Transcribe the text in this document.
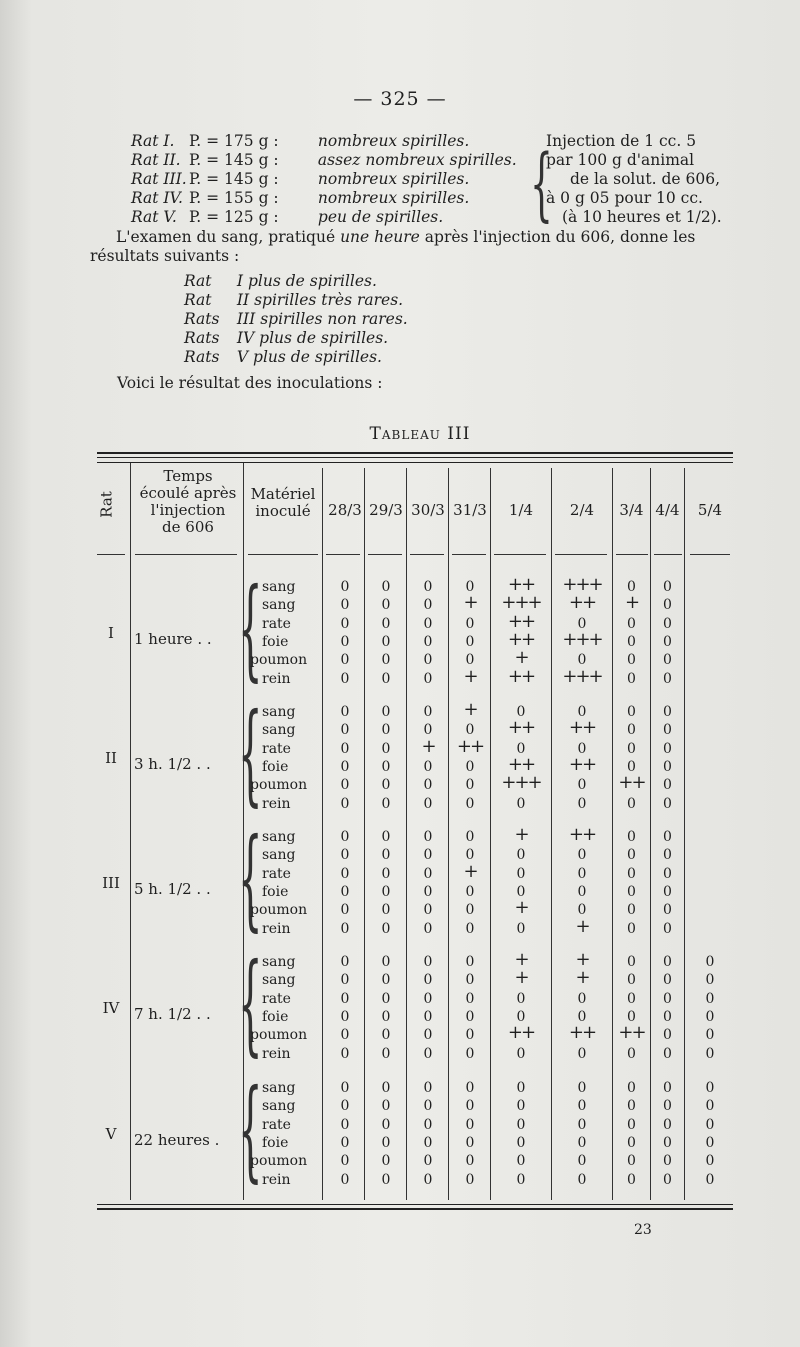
— 325 —
Rat I. P. = 175 g : nombreux spirilles.
Rat II. P. = 145 g : assez nombreux spirilles.
Rat III. P. = 145 g : nombreux spirilles.
Rat IV. P. = 155 g : nombreux spirilles.
Rat V. P. = 125 g : peu de spirilles.	{
Injection de 1 cc. 5
par 100 g d'animal
de la solut. de 606,
à 0 g 05 pour 10 cc.
(à 10 heures et 1/2).
L'examen du sang, pratiqué une heure après l'injection du 606, donne les
résultats suivants :
Rat I plus de spirilles.
Rat II spirilles très rares.
Rats III spirilles non rares.
Rats IV plus de spirilles.
Rats V plus de spirilles.
Voici le résultat des inoculations :
Tableau III
Rat
Temps
écoulé après
l'injection
de 606
Matériel
inoculé	28/3 29/3 30/3 31/3	1/4	2/4	3/4 4/4	5/4
I	1 heure . . { sang	0	0	0	0	++	+++	0	0
sang	0	0	0	+	+++	++	+	0
rate	0	0	0	0	++	0	0	0
foie	0	0	0	0	++	+++	0	0
poumon	0	0	0	0	+	0	0	0
rein	0	0	0	+	++	+++	0	0
II	3 h. 1/2 . . { sang	0	0	0	+	0	0	0	0
sang	0	0	0	0	++	++	0	0
rate	0	0	+	++	0	0	0	0
foie	0	0	0	0	++	++	0	0
poumon	0	0	0	0	+++	0	++	0
rein	0	0	0	0	0	0	0	0
III 5 h. 1/2 . . { sang	0	0	0	0	+	++	0	0
sang	0	0	0	0	0	0	0	0
rate	0	0	0	+	0	0	0	0
foie	0	0	0	0	0	0	0	0
poumon	0	0	0	0	+	0	0	0
rein	0	0	0	0	0	+	0	0
IV 7 h. 1/2 . . { sang	0	0	0	0	+	+	0	0	0
sang	0	0	0	0	+	+	0	0	0
rate	0	0	0	0	0	0	0	0	0
foie	0	0	0	0	0	0	0	0	0
poumon	0	0	0	0	++	++	++	0	0
rein	0	0	0	0	0	0	0	0	0
V	22 heures . { sang	0	0	0	0	0	0	0	0	0
sang	0	0	0	0	0	0	0	0	0
rate	0	0	0	0	0	0	0	0	0
foie	0	0	0	0	0	0	0	0	0
poumon	0	0	0	0	0	0	0	0	0
rein	0	0	0	0	0	0	0	0	0
23
